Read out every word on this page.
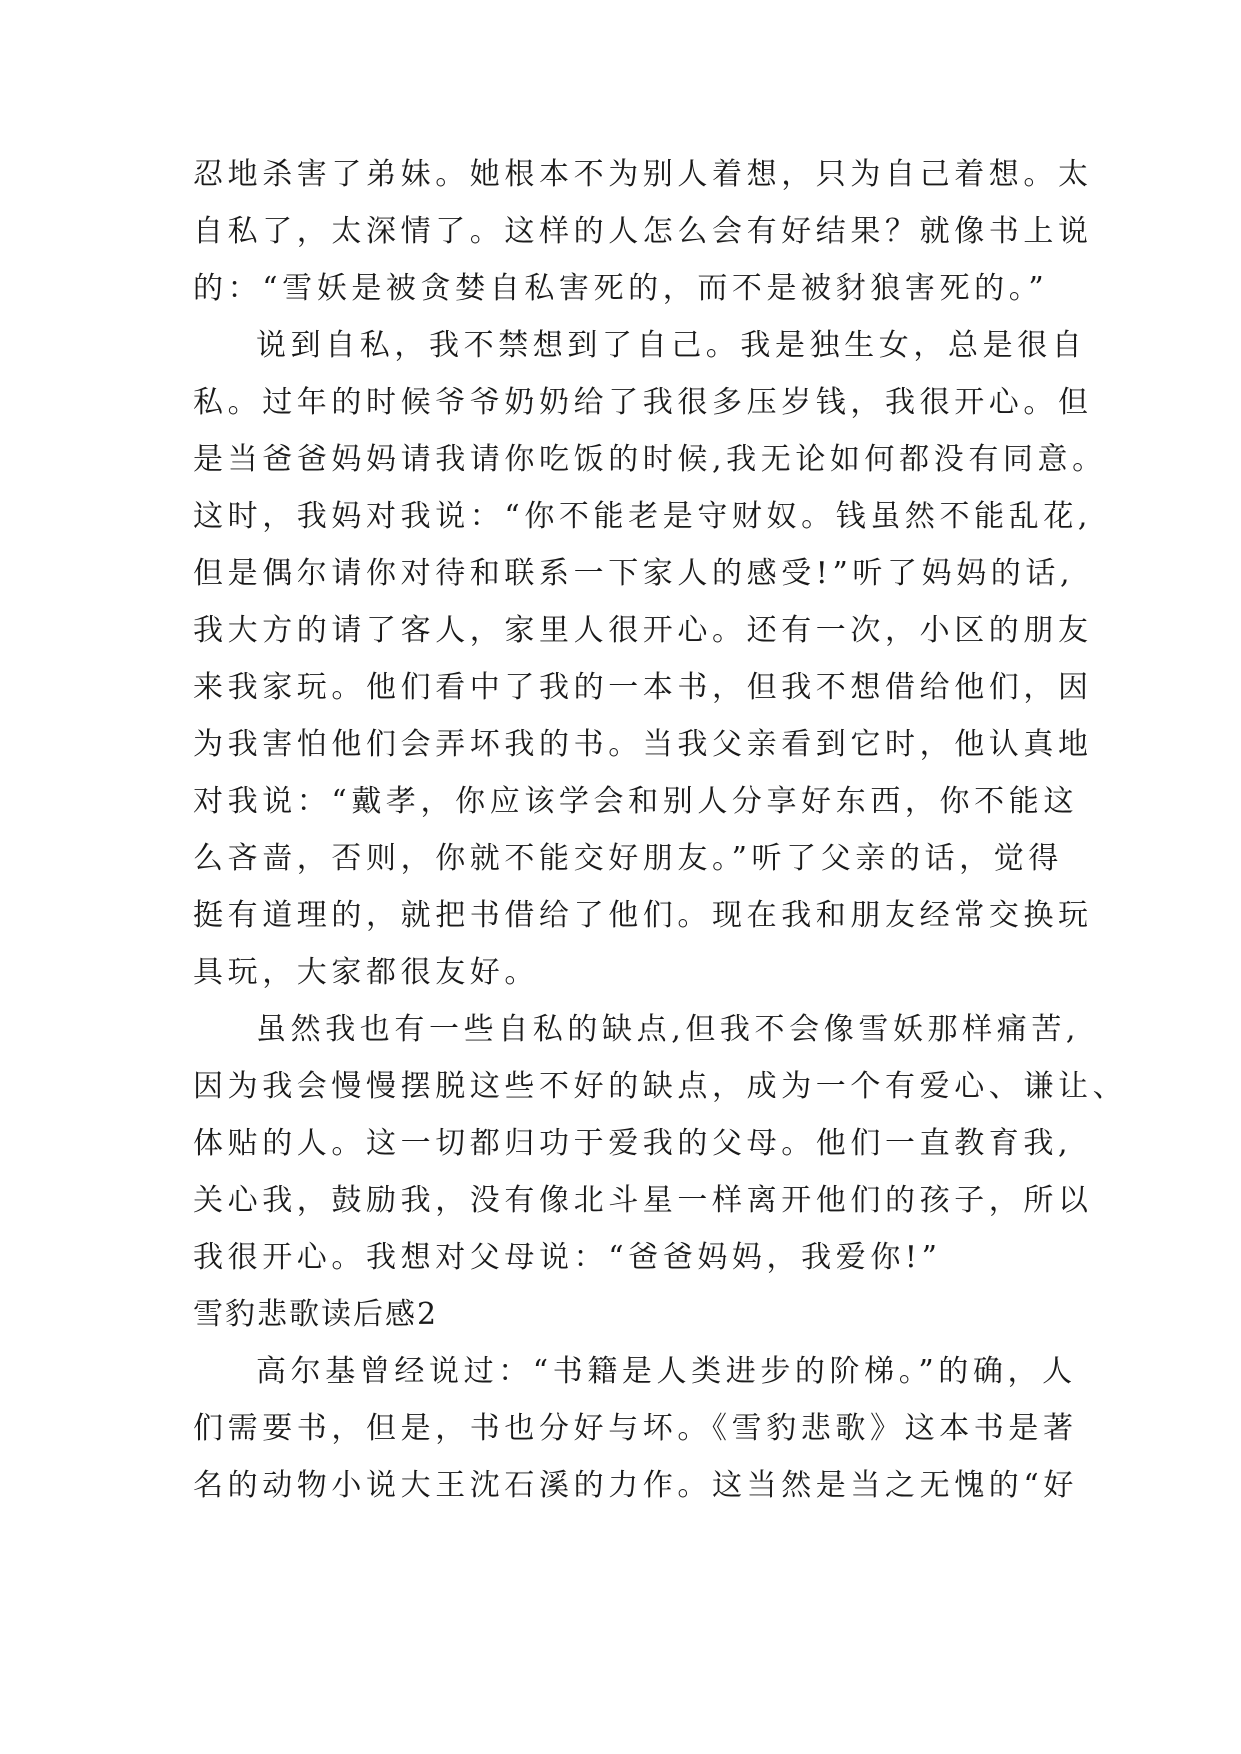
忍地杀害了弟妹。她根本不为别人着想，只为自己着想。太
自私了，太深情了。这样的人怎么会有好结果？就像书上说
的：“雪妖是被贪婪自私害死的，而不是被豺狼害死的。”
说到自私，我不禁想到了自己。我是独生女，总是很自
私。过年的时候爷爷奶奶给了我很多压岁钱，我很开心。但
是当爸爸妈妈请我请你吃饭的时候,我无论如何都没有同意。
这时，我妈对我说：“你不能老是守财奴。钱虽然不能乱花,
但是偶尔请你对待和联系一下家人的感受!”听了妈妈的话,
我大方的请了客人，家里人很开心。还有一次，小区的朋友
来我家玩。他们看中了我的一本书，但我不想借给他们，因
为我害怕他们会弄坏我的书。当我父亲看到它时，他认真地
对我说：“戴孝，你应该学会和别人分享好东西，你不能这
么吝啬，否则，你就不能交好朋友。”听了父亲的话，觉得
挺有道理的，就把书借给了他们。现在我和朋友经常交换玩
具玩，大家都很友好。
虽然我也有一些自私的缺点,但我不会像雪妖那样痛苦,
因为我会慢慢摆脱这些不好的缺点，成为一个有爱心、谦让、
体贴的人。这一切都归功于爱我的父母。他们一直教育我,
关心我，鼓励我，没有像北斗星一样离开他们的孩子，所以
我很开心。我想对父母说：“爸爸妈妈，我爱你!”
雪豹悲歌读后感2
高尔基曾经说过：“书籍是人类进步的阶梯。”的确，人
们需要书，但是，书也分好与坏。《雪豹悲歌》这本书是著
名的动物小说大王沈石溪的力作。这当然是当之无愧的“好
